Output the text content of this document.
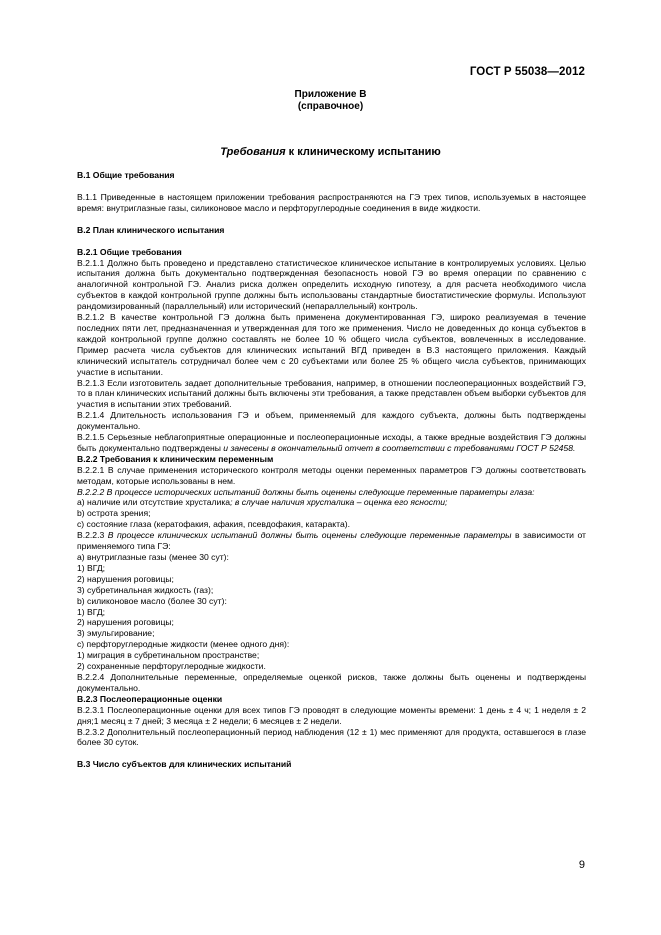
ГОСТ Р 55038—2012
Приложение В
(справочное)
Требования к клиническому испытанию

В.1 Общие требования

В.1.1 Приведенные в настоящем приложении требования распространяются на ГЭ трех типов, используемых в настоящее время: внутриглазные газы, силиконовое масло и перфторуглеродные соединения в виде жидкости.

В.2 План клинического испытания

В.2.1 Общие требования

В.2.1.1 Должно быть проведено и представлено статистическое клиническое испытание в контролируемых условиях. Целью испытания должна быть документально подтвержденная безопасность новой ГЭ во время операции по сравнению с аналогичной контрольной ГЭ. Анализ риска должен определить исходную гипотезу, а для расчета необходимого числа субъектов в каждой контрольной группе должны быть использованы стандартные биостатистические формулы. Используют рандомизированный (параллельный) или исторический (непараллельный) контроль.

В.2.1.2 В качестве контрольной ГЭ должна быть применена документированная ГЭ, широко реализуемая в течение последних пяти лет, предназначенная и утвержденная для того же применения. Число не доведенных до конца субъектов в каждой контрольной группе должно составлять не более 10 % общего числа субъектов, вовлеченных в исследование. Пример расчета числа субъектов для клинических испытаний ВГД приведен в В.3 настоящего приложения. Каждый клинический испытатель сотрудничал более чем с 20 субъектами или более 25 % общего числа субъектов, принимающих участие в испытании.

В.2.1.3 Если изготовитель задает дополнительные требования, например, в отношении послеоперационных воздействий ГЭ, то в план клинических испытаний должны быть включены эти требования, а также представлен объем выборки субъектов для участия в испытании этих требований.

В.2.1.4 Длительность использования ГЭ и объем, применяемый для каждого субъекта, должны быть подтверждены документально.

В.2.1.5 Серьезные неблагоприятные операционные и послеоперационные исходы, а также вредные воздействия ГЭ должны быть документально подтверждены и занесены в окончательный отчет в соответствии с требованиями ГОСТ Р 52458.

В.2.2 Требования к клиническим переменным

В.2.2.1 В случае применения исторического контроля методы оценки переменных параметров ГЭ должны соответствовать методам, которые использованы в нем.

В.2.2.2 В процессе исторических испытаний должны быть оценены следующие переменные параметры глаза:

а) наличие или отсутствие хрусталика; в случае наличия хрусталика – оценка его ясности;

b) острота зрения;

с) состояние глаза (кератофакия, афакия, псевдофакия, катаракта).

В.2.2.3 В процессе клинических испытаний должны быть оценены следующие переменные параметры в зависимости от применяемого типа ГЭ:

а) внутриглазные газы (менее 30 сут):

1) ВГД;

2) нарушения роговицы;

3) субретинальная жидкость (газ);

b) силиконовое масло (более 30 сут):

1) ВГД;

2) нарушения роговицы;

3) эмульгирование;

с) перфторуглеродные жидкости (менее одного дня):

1) миграция в субретинальном пространстве;

2) сохраненные перфторуглеродные жидкости.

В.2.2.4 Дополнительные переменные, определяемые оценкой рисков, также должны быть оценены и подтверждены документально.

В.2.3 Послеоперационные оценки

В.2.3.1 Послеоперационные оценки для всех типов ГЭ проводят в следующие моменты времени: 1 день ± 4 ч; 1 неделя ± 2 дня;1 месяц ± 7 дней; 3 месяца ± 2 недели; 6 месяцев ± 2 недели.

В.2.3.2 Дополнительный послеоперационный период наблюдения (12 ± 1) мес применяют для продукта, оставшегося в глазе более 30 суток.

В.3 Число субъектов для клинических испытаний

9
